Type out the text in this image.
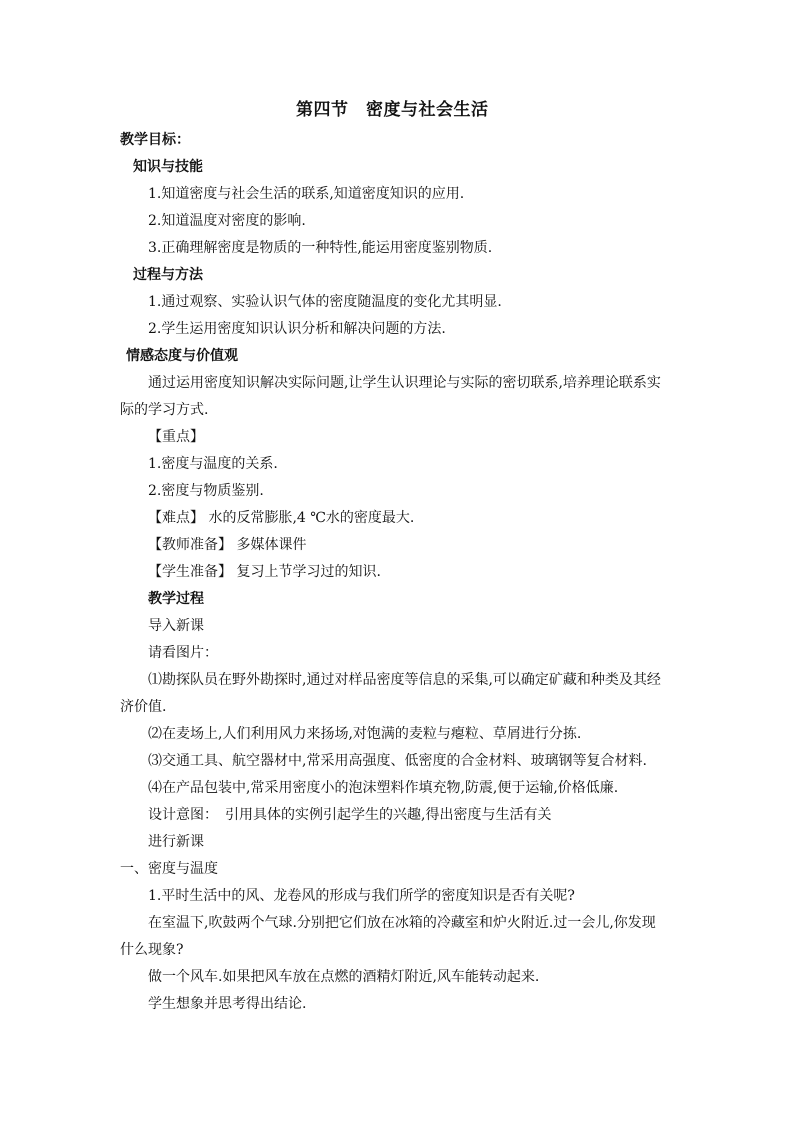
第四节　密度与社会生活
教学目标：
知识与技能
1.知道密度与社会生活的联系,知道密度知识的应用.
2.知道温度对密度的影响.
3.正确理解密度是物质的一种特性,能运用密度鉴别物质.
过程与方法
1.通过观察、实验认识气体的密度随温度的变化尤其明显.
2.学生运用密度知识认识分析和解决问题的方法.
情感态度与价值观
通过运用密度知识解决实际问题,让学生认识理论与实际的密切联系,培养理论联系实
际的学习方式.
【重点】
1.密度与温度的关系.
2.密度与物质鉴别.
【难点】 水的反常膨胀,4 ℃水的密度最大.
【教师准备】 多媒体课件
【学生准备】 复习上节学习过的知识.
教学过程
导入新课
请看图片：
⑴勘探队员在野外勘探时,通过对样品密度等信息的采集,可以确定矿藏和种类及其经
济价值.
⑵在麦场上,人们利用风力来扬场,对饱满的麦粒与瘪粒、草屑进行分拣.
⑶交通工具、航空器材中,常采用高强度、低密度的合金材料、玻璃钢等复合材料.
⑷在产品包装中,常采用密度小的泡沫塑料作填充物,防震,便于运输,价格低廉.
设计意图：　引用具体的实例引起学生的兴趣,得出密度与生活有关
进行新课
一、密度与温度
1.平时生活中的风、龙卷风的形成与我们所学的密度知识是否有关呢?
在室温下,吹鼓两个气球.分别把它们放在冰箱的冷藏室和炉火附近.过一会儿,你发现
什么现象?
做一个风车.如果把风车放在点燃的酒精灯附近,风车能转动起来.
学生想象并思考得出结论.
